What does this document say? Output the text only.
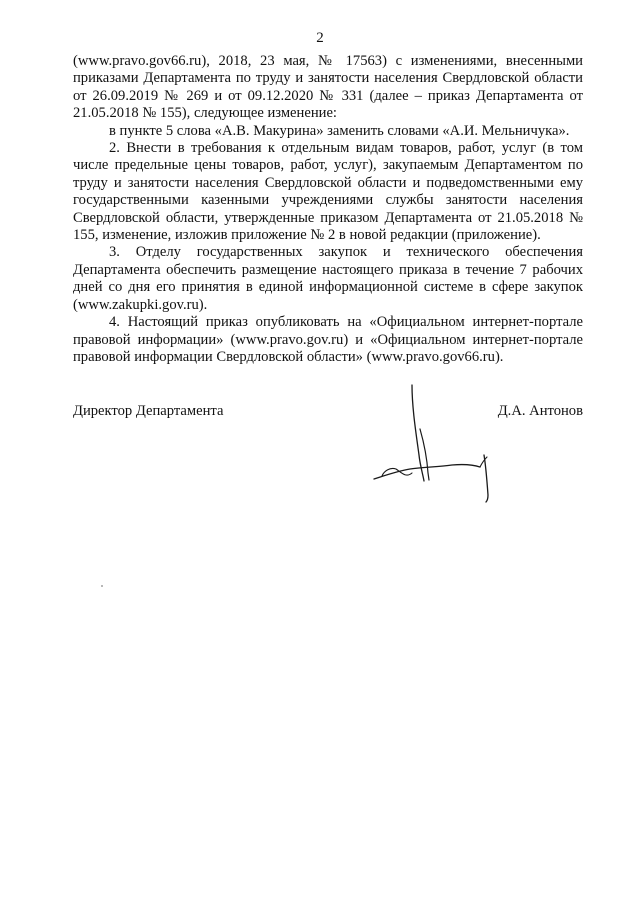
2

(www.pravo.gov66.ru), 2018, 23 мая, № 17563) с изменениями, внесенными приказами Департамента по труду и занятости населения Свердловской области от 26.09.2019 № 269 и от 09.12.2020 № 331 (далее – приказ Департамента от 21.05.2018 № 155), следующее изменение:

в пункте 5 слова «А.В. Макурина» заменить словами «А.И. Мельничука».

2. Внести в требования к отдельным видам товаров, работ, услуг (в том числе предельные цены товаров, работ, услуг), закупаемым Департаментом по труду и занятости населения Свердловской области и подведомственными ему государственными казенными учреждениями службы занятости населения Свердловской области, утвержденные приказом Департамента от 21.05.2018 № 155, изменение, изложив приложение № 2 в новой редакции (приложение).

3. Отделу государственных закупок и технического обеспечения Департамента обеспечить размещение настоящего приказа в течение 7 рабочих дней со дня его принятия в единой информационной системе в сфере закупок (www.zakupki.gov.ru).

4. Настоящий приказ опубликовать на «Официальном интернет-портале правовой информации» (www.pravo.gov.ru) и «Официальном интернет-портале правовой информации Свердловской области» (www.pravo.gov66.ru).

Директор Департамента	Д.А. Антонов
